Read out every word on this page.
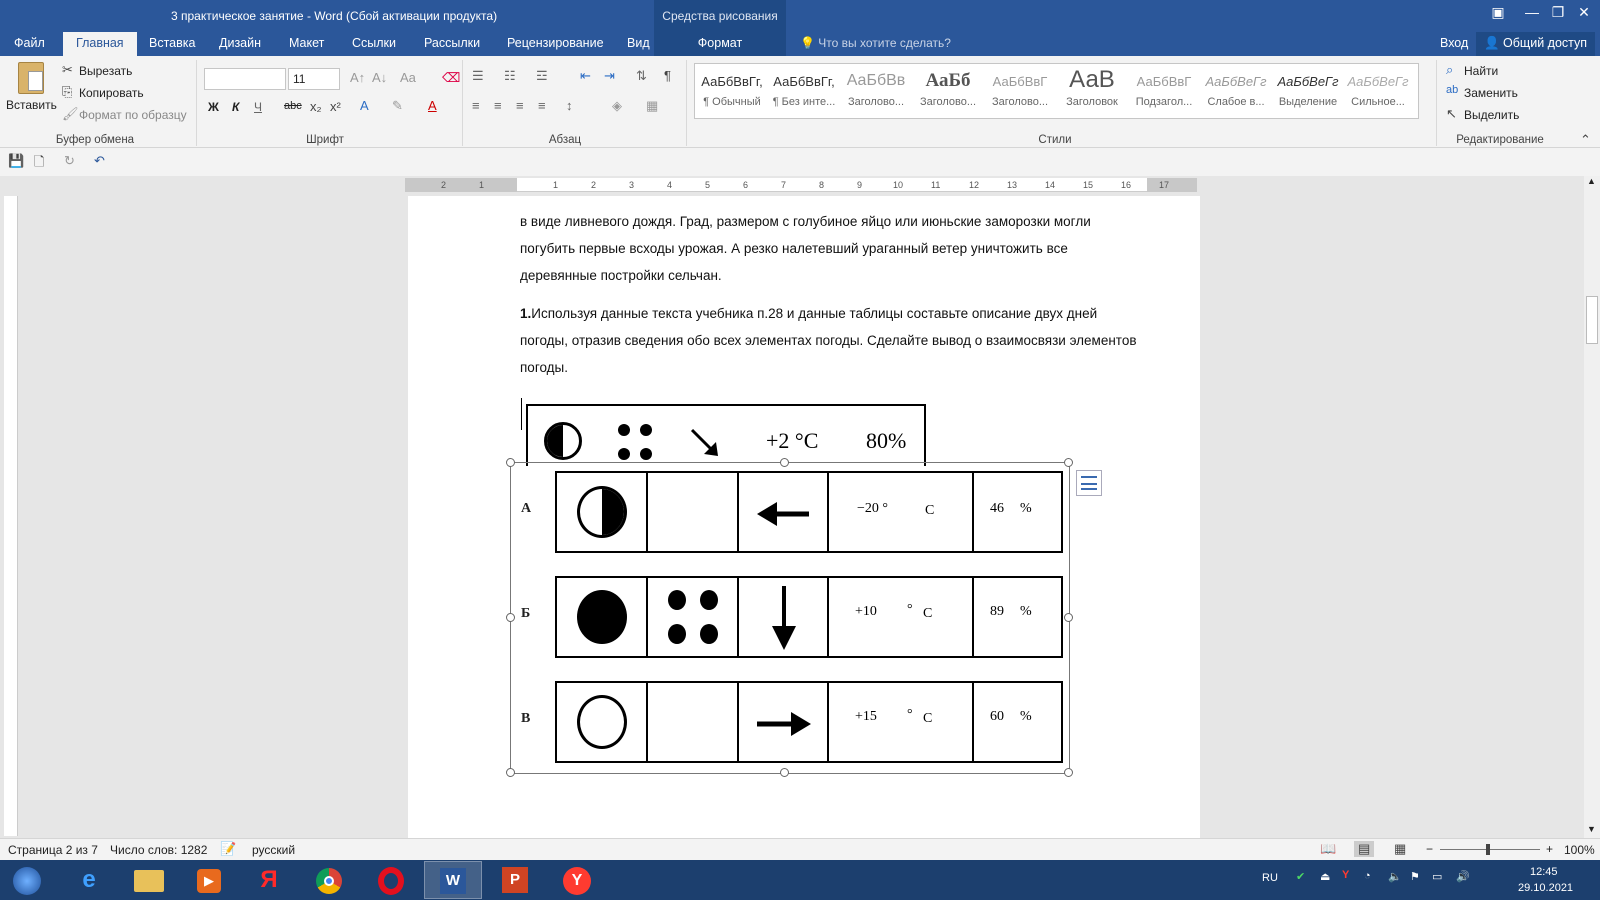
3 практическое занятие - Word (Сбой активации продукта)	Средства рисования	▣	— ❐ ✕
Файл	Главная	Вставка Дизайн Макет Ссылки Рассылки Рецензирование Вид	Формат	💡 Что вы хотите сделать?	Вход	👤 Общий доступ
Вставить
✂ Вырезать
⎘ Копировать
🖌 Формат по образцу
Буфер обмена
11	A↑ A↓ Aa ⌫
Ж К Ч abc x₂ x² A ✎ A
Шрифт
☰ ☷ ☲ ⇤ ⇥ ⇅ ¶
≡ ≡ ≡ ≡ ↕	◈ ▦
Абзац
АаБбВвГг,
¶ Обычный
АаБбВвГг,
¶ Без инте...
АаБбВв
Заголово...
АаБб
Заголово...
АаБбВвГ
Заголово...
АаВ
Заголовок
АаБбВвГ
Подзагол...
АаБбВеГг
Слабое в...
АаБбВеГг
Выделение
АаБбВеГг
Сильное...
Стили
⌕ Найти
ab Заменить
↖ Выделить
Редактирование	⌃
💾 🗋 ↻ ↶
2	1	1	2	3	4	5	6	7	8	9	10	11	12	13	14	15	16	17
в виде ливневого дождя. Град, размером с голубиное яйцо или июньские заморозки могли
погубить первые всходы урожая. А резко налетевший ураганный ветер уничтожить все
деревянные постройки сельчан.
1.Используя данные текста учебника п.28 и данные таблицы составьте описание двух дней
погоды, отразив сведения обо всех элементах погоды. Сделайте вывод о взаимосвязи элементов
погоды.
+2 °С 80%
А	−20 °	С	46 %
Б	+10 ° С	89 %
В	+15 ° С	60 %
▲
▼
Страница 2 из 7 Число слов: 1282 📝 русский	📖	▤	▦ −	+ 100%
e	▶ Я	W	P	Y	RU ✔ ⏏ Y ◔ 🔈 ⚑ ▭ 🔊	12:45
29.10.2021
